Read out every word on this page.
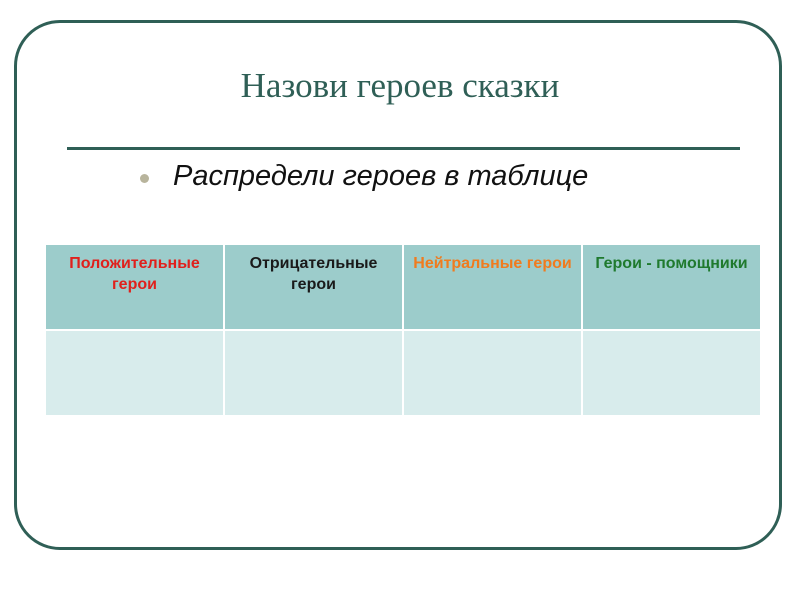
Назови героев сказки
Распредели героев в таблице
Положительные герои	Отрицательные герои	Нейтральные герои	Герои - помощники
